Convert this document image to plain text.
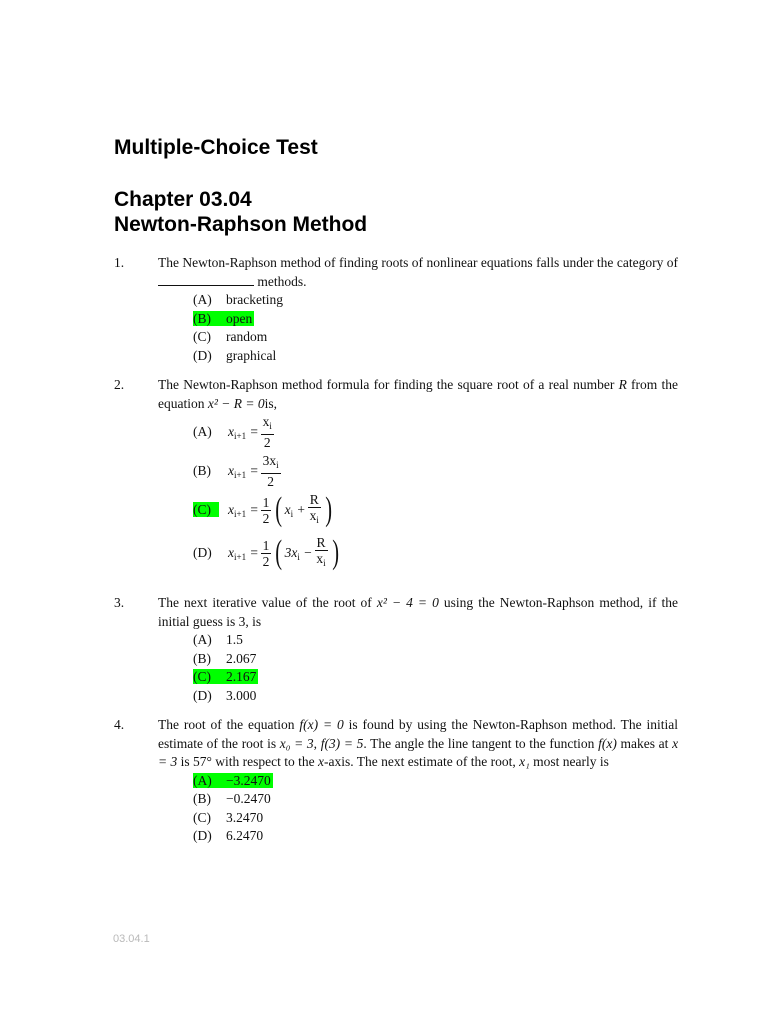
Multiple-Choice Test
Chapter 03.04
Newton-Raphson Method
1.	The Newton-Raphson method of finding roots of nonlinear equations falls under the category of  methods.
(A) bracketing
(B) open
(C) random
(D) graphical
2.	The Newton-Raphson method formula for finding the square root of a real number R from the equation x² − R = 0is,
(A)	$x_{i+1} = \frac{x_i}{2}$
(B)	$x_{i+1} = \frac{3x_i}{2}$
(C)	$x_{i+1} = \frac{1}{2}$ ( $x_i + \frac{R}{x_i}$ )
(D)	$x_{i+1} = \frac{1}{2}$ ( $3x_i - \frac{R}{x_i}$ )
3.	The next iterative value of the root of x² − 4 = 0 using the Newton-Raphson method, if the initial guess is 3, is
(A) 1.5
(B) 2.067
(C) 2.167
(D) 3.000
4.	The root of the equation f(x) = 0 is found by using the Newton-Raphson method. The initial estimate of the root is x₀ = 3, f(3) = 5. The angle the line tangent to the function f(x) makes at x = 3 is 57° with respect to the x-axis. The next estimate of the root, x₁ most nearly is
(A) −3.2470
(B) −0.2470
(C) 3.2470
(D) 6.2470
03.04.1
